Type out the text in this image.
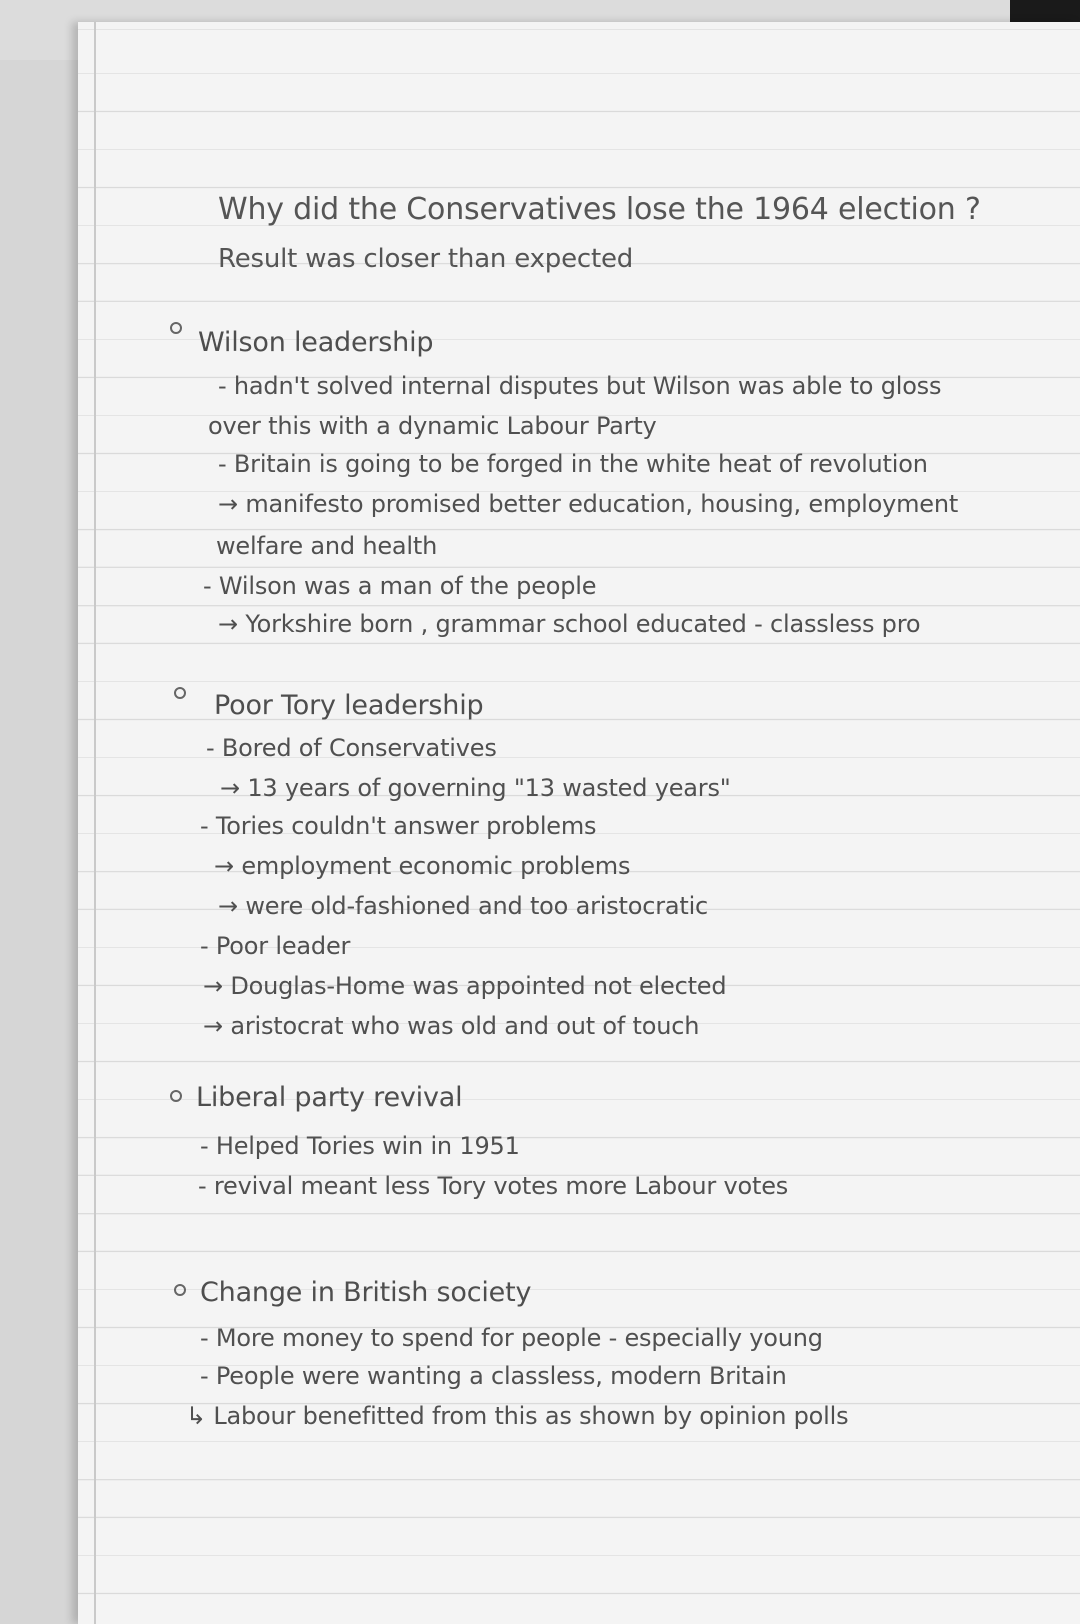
Why did the Conservatives lose the 1964 election ?
Result was closer than expected
Wilson leadership
- hadn't solved internal disputes but Wilson was able to gloss
over this with a dynamic Labour Party
- Britain is going to be forged in the white heat of revolution
→ manifesto promised better education, housing, employment
welfare and health
- Wilson was a man of the people
→ Yorkshire born , grammar school educated - classless pro
Poor Tory leadership
- Bored of Conservatives
→ 13 years of governing "13 wasted years"
- Tories couldn't answer problems
→ employment economic problems
→ were old-fashioned and too aristocratic
- Poor leader
→ Douglas-Home was appointed not elected
→ aristocrat who was old and out of touch
Liberal party revival
- Helped Tories win in 1951
- revival meant less Tory votes more Labour votes
Change in British society
- More money to spend for people - especially young
- People were wanting a classless, modern Britain
↳ Labour benefitted from this as shown by opinion polls
